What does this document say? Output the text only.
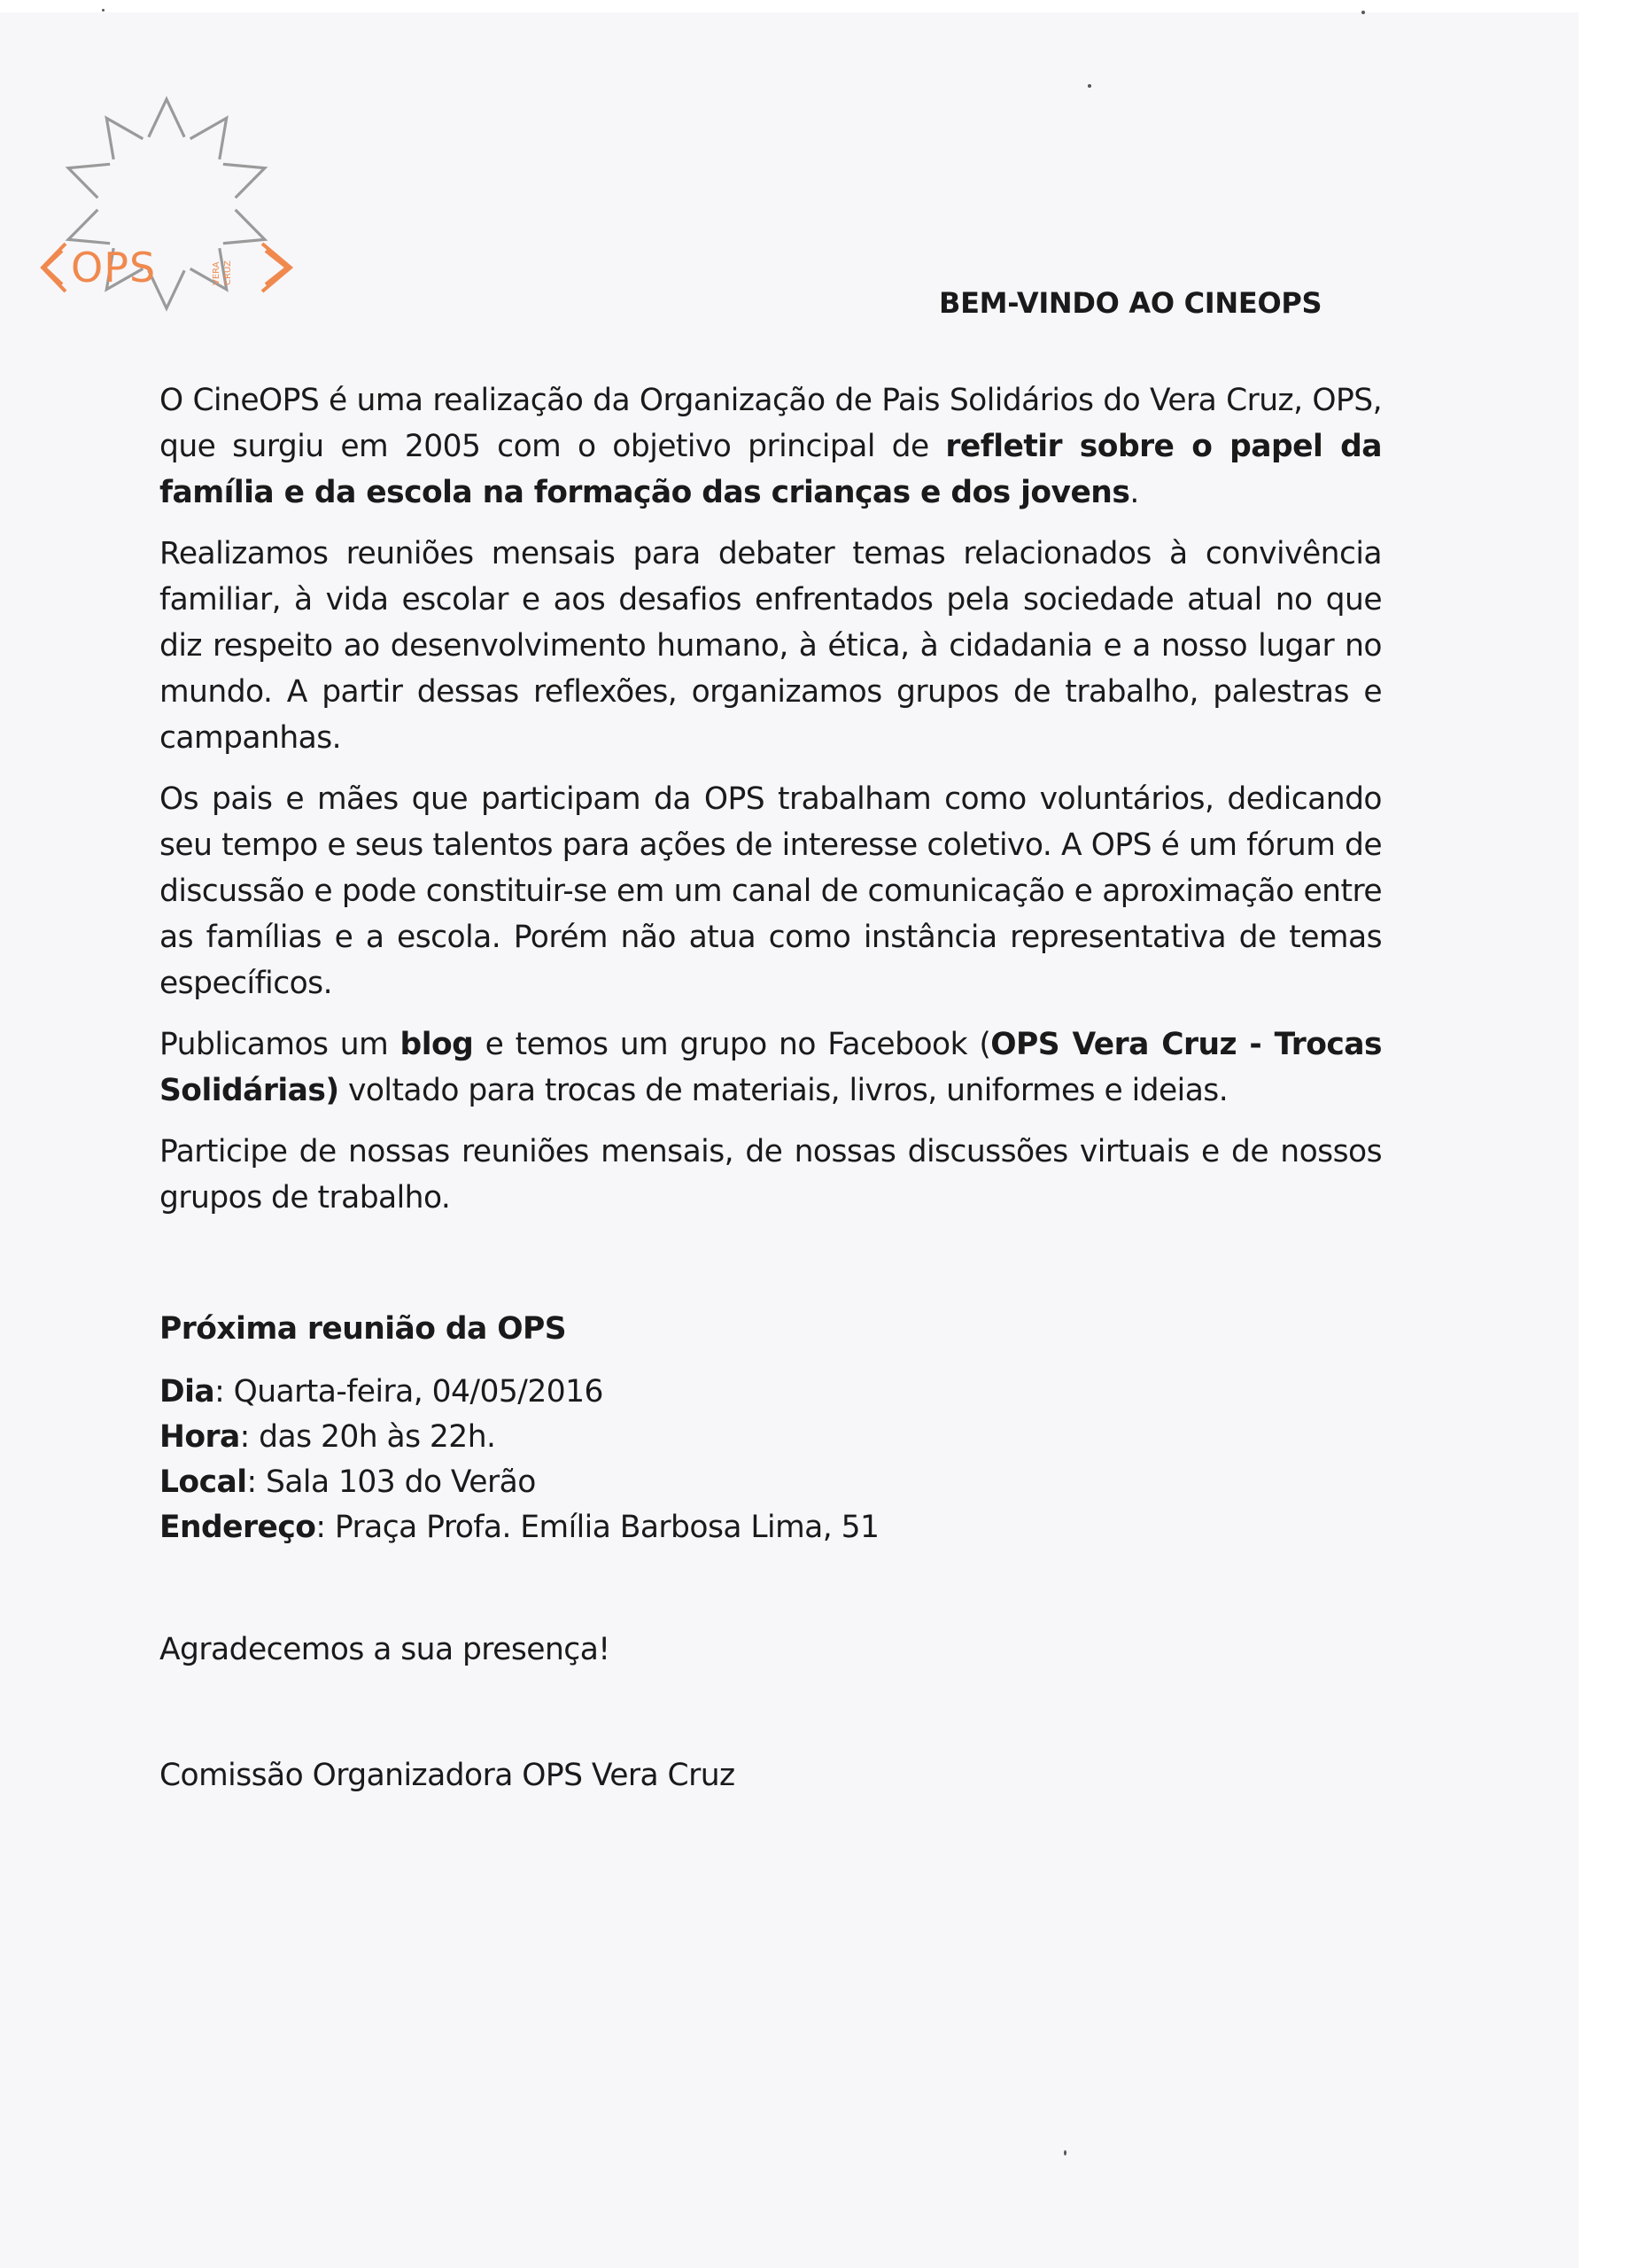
OPS	VERA CRUZ
BEM-VINDO AO CINEOPS

O CineOPS é uma realização da Organização de Pais Solidários do Vera Cruz, OPS, que surgiu em 2005 com o objetivo principal de refletir sobre o papel da família e da escola na formação das crianças e dos jovens.

Realizamos reuniões mensais para debater temas relacionados à convivência familiar, à vida escolar e aos desafios enfrentados pela sociedade atual no que diz respeito ao desenvolvimento humano, à ética, à cidadania e a nosso lugar no mundo. A partir dessas reflexões, organizamos grupos de trabalho, palestras e campanhas.

Os pais e mães que participam da OPS trabalham como voluntários, dedicando seu tempo e seus talentos para ações de interesse coletivo. A OPS é um fórum de discussão e pode constituir-se em um canal de comunicação e aproximação entre as famílias e a escola. Porém não atua como instância representativa de temas específicos.

Publicamos um blog e temos um grupo no Facebook (OPS Vera Cruz - Trocas Solidárias) voltado para trocas de materiais, livros, uniformes e ideias.

Participe de nossas reuniões mensais, de nossas discussões virtuais e de nossos grupos de trabalho.

Próxima reunião da OPS
Dia: Quarta-feira, 04/05/2016
Hora: das 20h às 22h.
Local: Sala 103 do Verão
Endereço: Praça Profa. Emília Barbosa Lima, 51
Agradecemos a sua presença!
Comissão Organizadora OPS Vera Cruz
